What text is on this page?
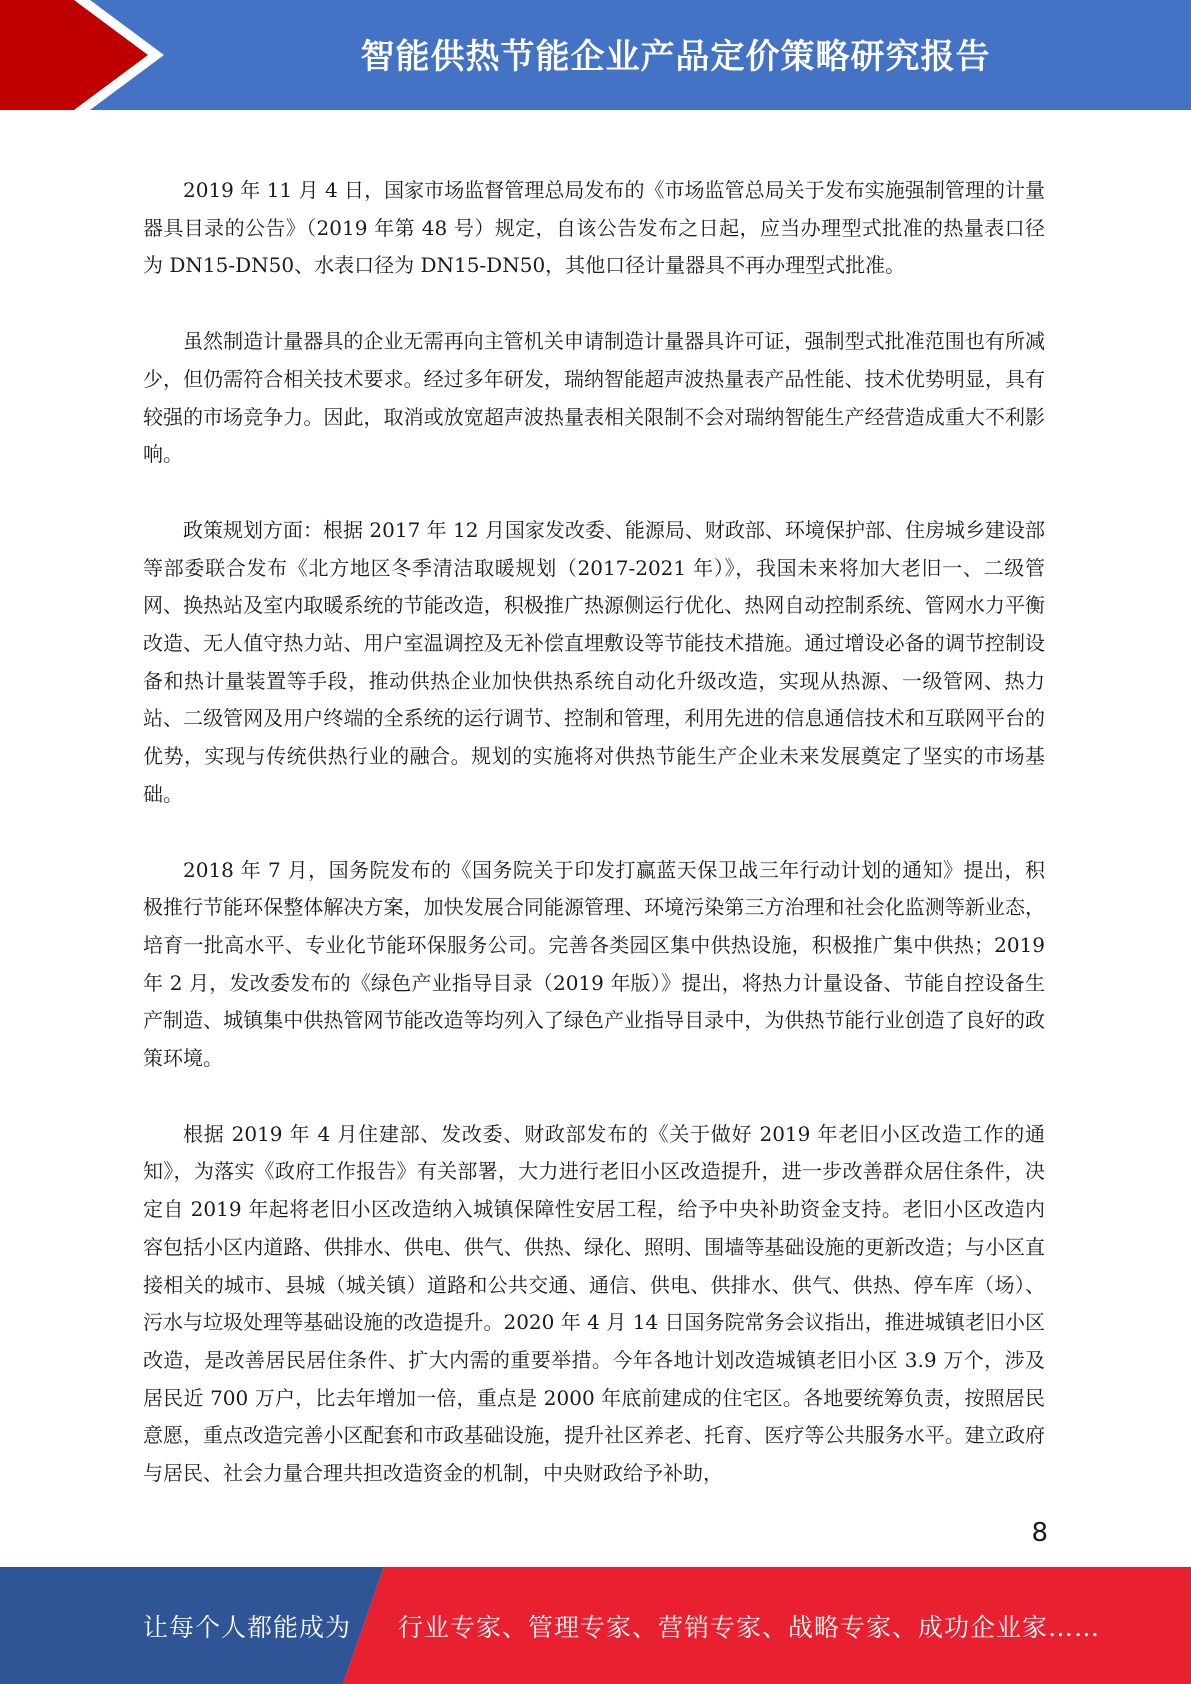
智能供热节能企业产品定价策略研究报告

2019 年 11 月 4 日，国家市场监督管理总局发布的《市场监管总局关于发布实施强制管理的计量器具目录的公告》（2019 年第 48 号）规定，自该公告发布之日起，应当办理型式批准的热量表口径为 DN15-DN50、水表口径为 DN15-DN50，其他口径计量器具不再办理型式批准。

虽然制造计量器具的企业无需再向主管机关申请制造计量器具许可证，强制型式批准范围也有所减少，但仍需符合相关技术要求。经过多年研发，瑞纳智能超声波热量表产品性能、技术优势明显，具有较强的市场竞争力。因此，取消或放宽超声波热量表相关限制不会对瑞纳智能生产经营造成重大不利影响。

政策规划方面：根据 2017 年 12 月国家发改委、能源局、财政部、环境保护部、住房城乡建设部等部委联合发布《北方地区冬季清洁取暖规划（2017-2021 年）》，我国未来将加大老旧一、二级管网、换热站及室内取暖系统的节能改造，积极推广热源侧运行优化、热网自动控制系统、管网水力平衡改造、无人值守热力站、用户室温调控及无补偿直埋敷设等节能技术措施。通过增设必备的调节控制设备和热计量装置等手段，推动供热企业加快供热系统自动化升级改造，实现从热源、一级管网、热力站、二级管网及用户终端的全系统的运行调节、控制和管理，利用先进的信息通信技术和互联网平台的优势，实现与传统供热行业的融合。规划的实施将对供热节能生产企业未来发展奠定了坚实的市场基础。

2018 年 7 月，国务院发布的《国务院关于印发打赢蓝天保卫战三年行动计划的通知》提出，积极推行节能环保整体解决方案，加快发展合同能源管理、环境污染第三方治理和社会化监测等新业态，培育一批高水平、专业化节能环保服务公司。完善各类园区集中供热设施，积极推广集中供热；2019 年 2 月，发改委发布的《绿色产业指导目录（2019 年版）》提出，将热力计量设备、节能自控设备生产制造、城镇集中供热管网节能改造等均列入了绿色产业指导目录中，为供热节能行业创造了良好的政策环境。

根据 2019 年 4 月住建部、发改委、财政部发布的《关于做好 2019 年老旧小区改造工作的通知》，为落实《政府工作报告》有关部署，大力进行老旧小区改造提升，进一步改善群众居住条件，决定自 2019 年起将老旧小区改造纳入城镇保障性安居工程，给予中央补助资金支持。老旧小区改造内容包括小区内道路、供排水、供电、供气、供热、绿化、照明、围墙等基础设施的更新改造；与小区直接相关的城市、县城（城关镇）道路和公共交通、通信、供电、供排水、供气、供热、停车库（场）、污水与垃圾处理等基础设施的改造提升。2020 年 4 月 14 日国务院常务会议指出，推进城镇老旧小区改造，是改善居民居住条件、扩大内需的重要举措。今年各地计划改造城镇老旧小区 3.9 万个，涉及居民近 700 万户，比去年增加一倍，重点是 2000 年底前建成的住宅区。各地要统筹负责，按照居民意愿，重点改造完善小区配套和市政基础设施，提升社区养老、托育、医疗等公共服务水平。建立政府与居民、社会力量合理共担改造资金的机制，中央财政给予补助，

8
让每个人都能成为 行业专家、管理专家、营销专家、战略专家、成功企业家……
